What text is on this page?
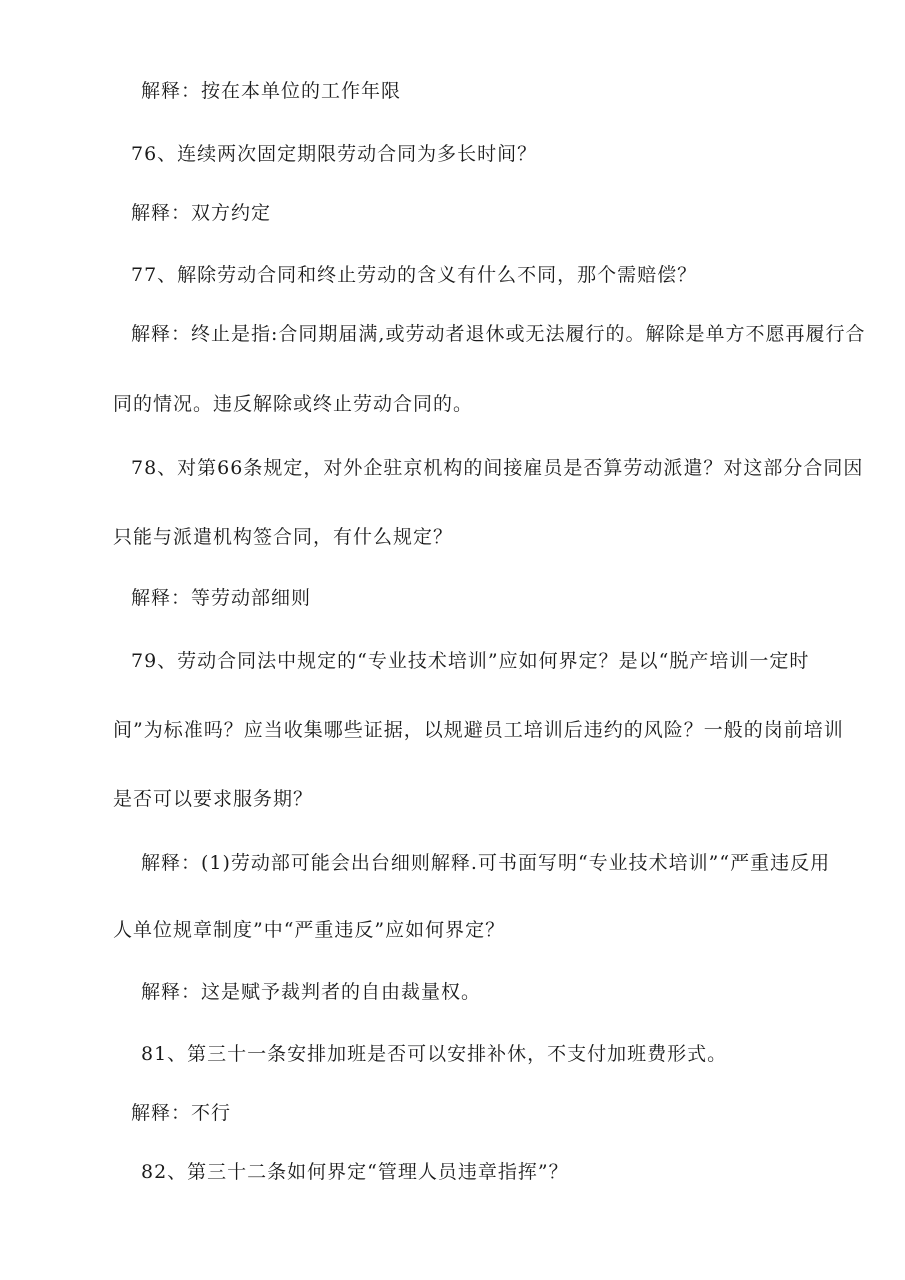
解释：按在本单位的工作年限
76、连续两次固定期限劳动合同为多长时间？
解释：双方约定
77、解除劳动合同和终止劳动的含义有什么不同，那个需赔偿？
解释：终止是指:合同期届满,或劳动者退休或无法履行的。解除是单方不愿再履行合
同的情况。违反解除或终止劳动合同的。
78、对第66条规定，对外企驻京机构的间接雇员是否算劳动派遣？对这部分合同因
只能与派遣机构签合同，有什么规定？
解释：等劳动部细则
79、劳动合同法中规定的“专业技术培训”应如何界定？是以“脱产培训一定时
间”为标准吗？应当收集哪些证据，以规避员工培训后违约的风险？一般的岗前培训
是否可以要求服务期？
解释：(1)劳动部可能会出台细则解释.可书面写明“专业技术培训”“严重违反用
人单位规章制度”中“严重违反”应如何界定？
解释：这是赋予裁判者的自由裁量权。
81、第三十一条安排加班是否可以安排补休，不支付加班费形式。
解释：不行
82、第三十二条如何界定“管理人员违章指挥”？
